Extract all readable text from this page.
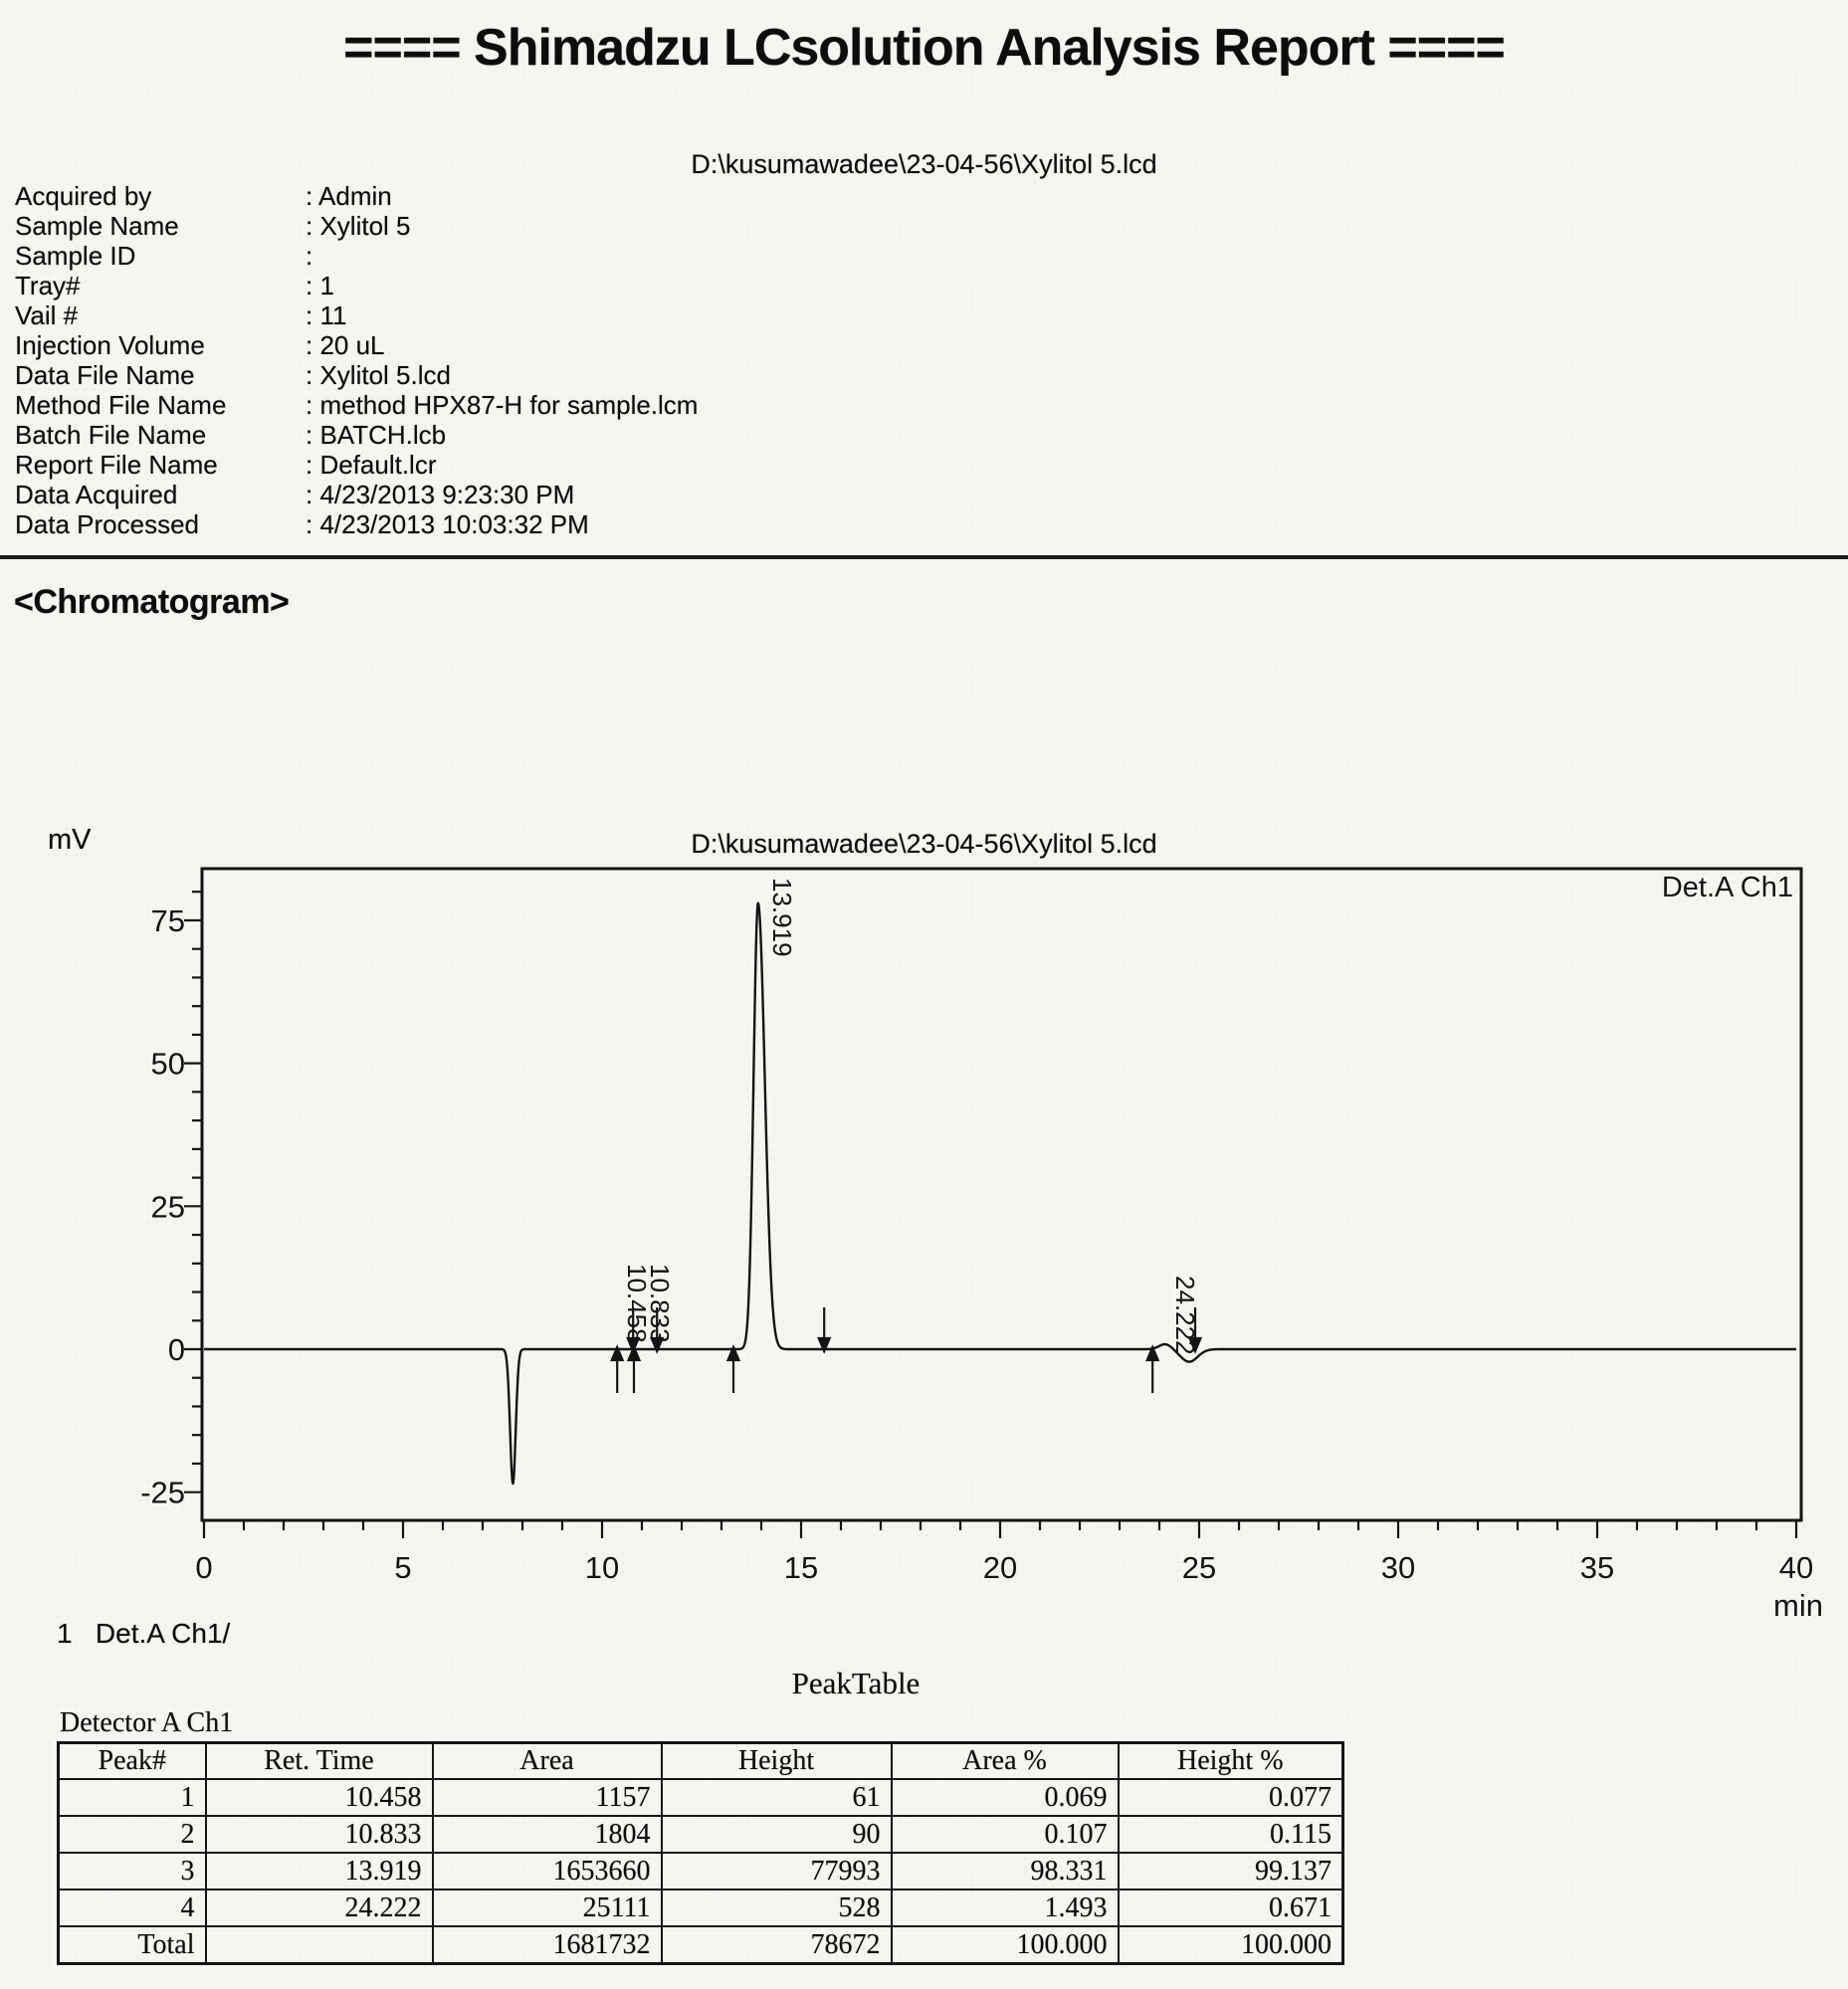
==== Shimadzu LCsolution Analysis Report ====
D:\kusumawadee\23-04-56\Xylitol 5.lcd
Acquired by	: Admin
Sample Name	: Xylitol 5
Sample ID	:
Tray#	: 1
Vail #	: 11
Injection Volume	: 20 uL
Data File Name	: Xylitol 5.lcd
Method File Name	: method HPX87-H for sample.lcm
Batch File Name	: BATCH.lcb
Report File Name	: Default.lcr
Data Acquired	: 4/23/2013 9:23:30 PM
Data Processed	: 4/23/2013 10:03:32 PM
<Chromatogram>
D:\kusumawadee\23-04-56\Xylitol 5.lcd
mV
-25
0
25
50
75
0	5	10	15	20	25	30	35	40
min
Det.A Ch1
10.458
10.833
13.919
24.222
1   Det.A Ch1/
PeakTable
Detector A Ch1
Peak#	Ret. Time	Area	Height	Area %	Height %
1	10.458	1157	61	0.069	0.077
2	10.833	1804	90	0.107	0.115
3	13.919	1653660	77993	98.331	99.137
4	24.222	25111	528	1.493	0.671
Total		1681732	78672	100.000	100.000
